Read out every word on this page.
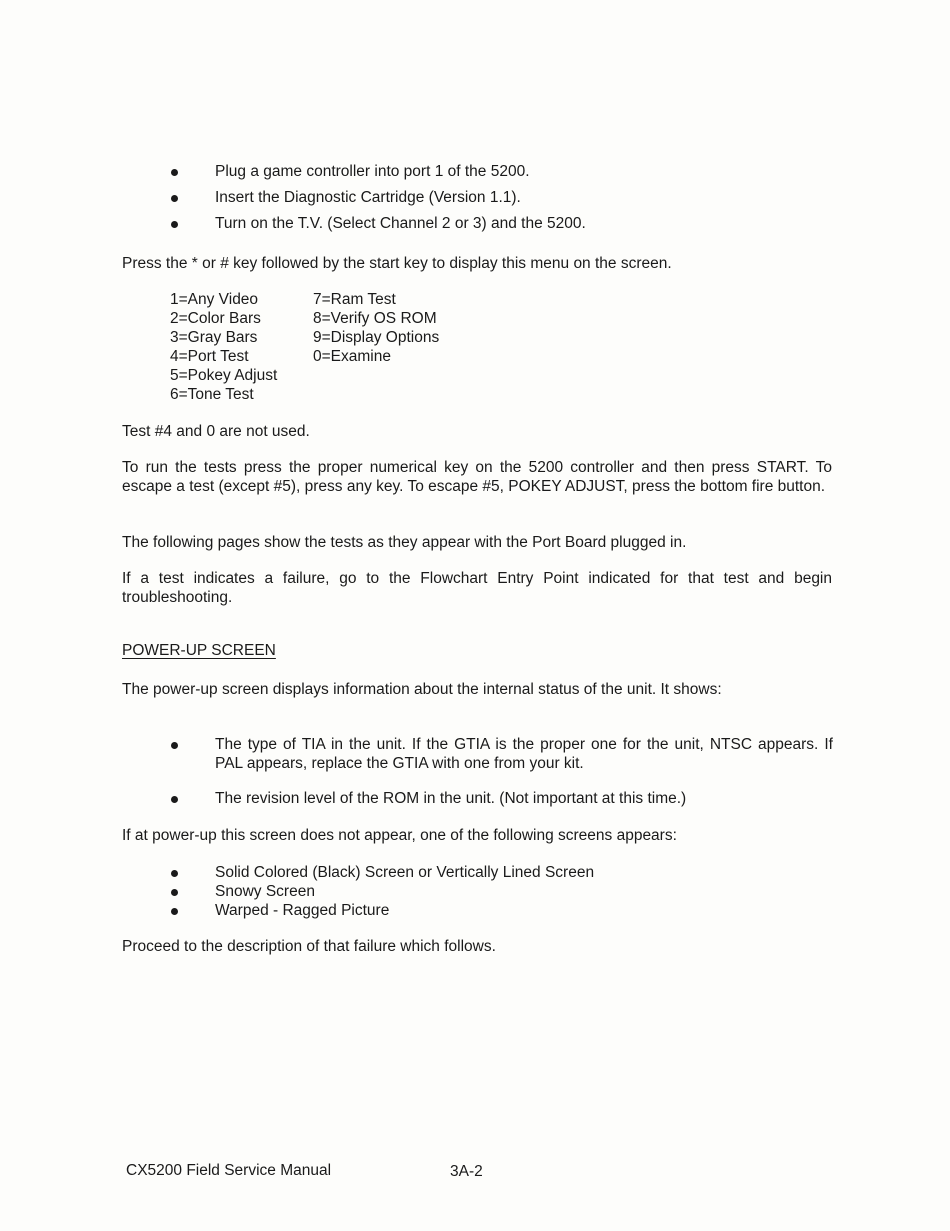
Plug a game controller into port 1 of the 5200.
Insert the Diagnostic Cartridge (Version 1.1).
Turn on the T.V. (Select Channel 2 or 3) and the 5200.

Press the * or # key followed by the start key to display this menu on the screen.

1=Any Video
2=Color Bars
3=Gray Bars
4=Port Test
5=Pokey Adjust
6=Tone Test
7=Ram Test
8=Verify OS ROM
9=Display Options
0=Examine

Test #4 and 0 are not used.

To run the tests press the proper numerical key on the 5200 controller and then press START. To escape a test (except #5), press any key. To escape #5, POKEY ADJUST, press the bottom fire button.

The following pages show the tests as they appear with the Port Board plugged in.

If a test indicates a failure, go to the Flowchart Entry Point indicated for that test and begin troubleshooting.

POWER-UP SCREEN

The power-up screen displays information about the internal status of the unit. It shows:

The type of TIA in the unit. If the GTIA is the proper one for the unit, NTSC appears. If PAL appears, replace the GTIA with one from your kit.
The revision level of the ROM in the unit. (Not important at this time.)

If at power-up this screen does not appear, one of the following screens appears:

Solid Colored (Black) Screen or Vertically Lined Screen
Snowy Screen
Warped - Ragged Picture

Proceed to the description of that failure which follows.

CX5200 Field Service Manual	3A-2
